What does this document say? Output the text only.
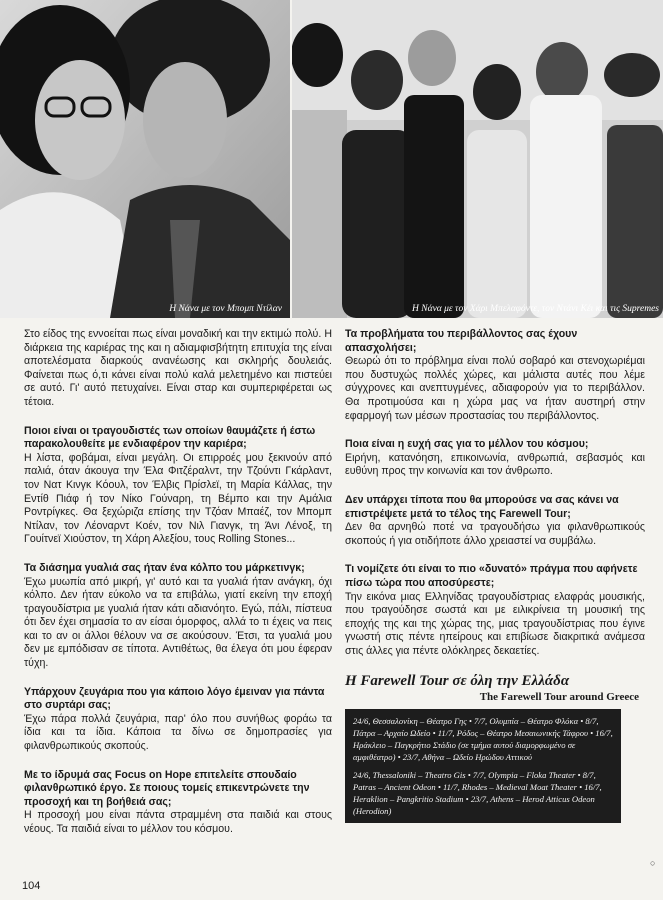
Η Νάνα με τον Μπομπ Ντίλαν	Η Νάνα με τον Χάρι Μπελαφόντε, τον Ντάνι Κέι και τις Supremes

Στο είδος της εννοείται πως είναι μοναδική και την εκτιμώ πολύ. Η διάρκεια της καριέρας της και η αδιαμφισβήτητη επιτυχία της είναι αποτελέσματα διαρκούς ανανέωσης και σκληρής δουλειάς. Φαίνεται πως ό,τι κάνει είναι πολύ καλά μελετημένο και πιστεύει σε αυτό. Γι' αυτό πετυχαίνει. Είναι σταρ και συμπεριφέρεται ως τέτοια.

Ποιοι είναι οι τραγουδιστές των οποίων θαυμάζετε ή έστω παρακολουθείτε με ενδιαφέρον την καριέρα;

Η λίστα, φοβάμαι, είναι μεγάλη. Οι επιρροές μου ξεκινούν από παλιά, όταν άκουγα την Έλα Φιτζέραλντ, την Τζούντι Γκάρλαντ, τον Νατ Κινγκ Κόουλ, τον Έλβις Πρίσλεϊ, τη Μαρία Κάλλας, την Εντίθ Πιάφ ή τον Νίκο Γούναρη, τη Βέμπο και την Αμάλια Ροντρίγκες. Θα ξεχώριζα επίσης την Τζόαν Μπαέζ, τον Μπομπ Ντίλαν, τον Λέοναρντ Κοέν, τον Νιλ Γιανγκ, τη Άνι Λένοξ, τη Γουίτνεϊ Χιούστον, τη Χάρη Αλεξίου, τους Rolling Stones...

Τα διάσημα γυαλιά σας ήταν ένα κόλπο του μάρκετινγκ;

Έχω μυωπία από μικρή, γι' αυτό και τα γυαλιά ήταν ανάγκη, όχι κόλπο. Δεν ήταν εύκολο να τα επιβάλω, γιατί εκείνη την εποχή τραγουδίστρια με γυαλιά ήταν κάτι αδιανόητο. Εγώ, πάλι, πίστευα ότι δεν έχει σημασία το αν είσαι όμορφος, αλλά το τι έχεις να πεις και το αν οι άλλοι θέλουν να σε ακούσουν. Έτσι, τα γυαλιά μου δεν με εμπόδισαν σε τίποτα. Αντιθέτως, θα έλεγα ότι μου έφεραν τύχη.

Υπάρχουν ζευγάρια που για κάποιο λόγο έμειναν για πάντα στο συρτάρι σας;

Έχω πάρα πολλά ζευγάρια, παρ' όλο που συνήθως φοράω τα ίδια και τα ίδια. Κάποια τα δίνω σε δημοπρασίες για φιλανθρωπικούς σκοπούς.

Με το ίδρυμά σας Focus on Hope επιτελείτε σπουδαίο φιλανθρωπικό έργο. Σε ποιους τομείς επικεντρώνετε την προσοχή και τη βοήθειά σας;

Η προσοχή μου είναι πάντα στραμμένη στα παιδιά και στους νέους. Τα παιδιά είναι το μέλλον του κόσμου.

Τα προβλήματα του περιβάλλοντος σας έχουν απασχολήσει;

Θεωρώ ότι το πρόβλημα είναι πολύ σοβαρό και στενοχωριέμαι που δυστυχώς πολλές χώρες, και μάλιστα αυτές που λέμε σύγχρονες και ανεπτυγμένες, αδιαφορούν για το περιβάλλον. Θα προτιμούσα και η χώρα μας να ήταν αυστηρή στην εφαρμογή των μέσων προστασίας του περιβάλλοντος.

Ποια είναι η ευχή σας για το μέλλον του κόσμου;

Ειρήνη, κατανόηση, επικοινωνία, ανθρωπιά, σεβασμός και ευθύνη προς την κοινωνία και τον άνθρωπο.

Δεν υπάρχει τίποτα που θα μπορούσε να σας κάνει να επιστρέψετε μετά το τέλος της Farewell Tour;

Δεν θα αρνηθώ ποτέ να τραγουδήσω για φιλανθρωπικούς σκοπούς ή για οτιδήποτε άλλο χρειαστεί να συμβάλω.

Τι νομίζετε ότι είναι το πιο «δυνατό» πράγμα που αφήνετε πίσω τώρα που αποσύρεστε;

Την εικόνα μιας Ελληνίδας τραγουδίστριας ελαφράς μουσικής, που τραγούδησε σωστά και με ειλικρίνεια τη μουσική της εποχής της και της χώρας της, μιας τραγουδίστριας που έγινε γνωστή στις πέντε ηπείρους και επιβίωσε διακριτικά ανάμεσα στις άλλες για πέντε ολόκληρες δεκαετίες.

Η Farewell Tour σε όλη την Ελλάδα
The Farewell Tour around Greece

24/6, Θεσσαλονίκη – Θέατρο Γης • 7/7, Ολυμπία – Θέατρο Φλόκα • 8/7, Πάτρα – Αρχαίο Ωδείο • 11/7, Ρόδος – Θέατρο Μεσαιωνικής Τάφρου • 16/7, Ηράκλειο – Παγκρήτιο Στάδιο (σε τμήμα αυτού διαμορφωμένο σε αμφιθέατρο) • 23/7, Αθήνα – Ωδείο Ηρώδου Αττικού

24/6, Thessaloniki – Theatro Gis • 7/7, Olympia – Floka Theater • 8/7, Patras – Ancient Odeon • 11/7, Rhodes – Medieval Moat Theater • 16/7, Heraklion – Pangkritio Stadium • 23/7, Athens – Herod Atticus Odeon (Herodion)

○
104
